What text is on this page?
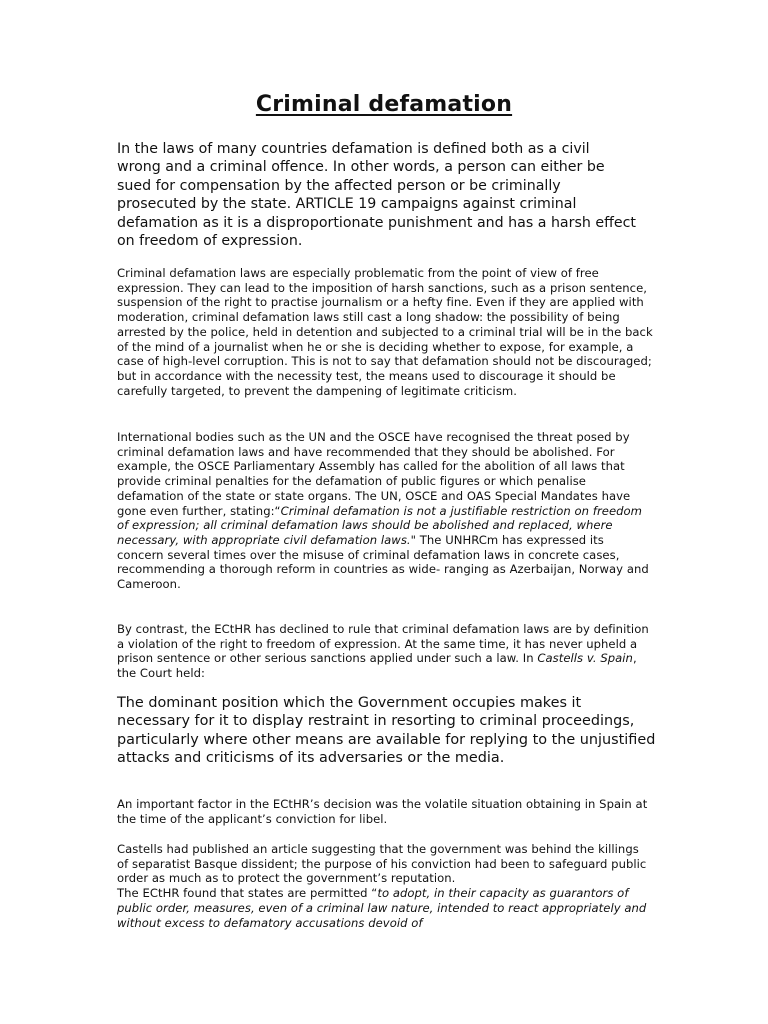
Criminal defamation

In the laws of many countries defamation is defined both as a civil wrong and a criminal offence. In other words, a person can either be sued for compensation by the affected person or be criminally prosecuted by the state. ARTICLE 19 campaigns against criminal defamation as it is a disproportionate punishment and has a harsh effect on freedom of expression.

Criminal defamation laws are especially problematic from the point of view of free expression. They can lead to the imposition of harsh sanctions, such as a prison sentence, suspension of the right to practise journalism or a hefty fine. Even if they are applied with moderation, criminal defamation laws still cast a long shadow: the possibility of being arrested by the police, held in detention and subjected to a criminal trial will be in the back of the mind of a journalist when he or she is deciding whether to expose, for example, a case of high-level corruption. This is not to say that defamation should not be discouraged; but in accordance with the necessity test, the means used to discourage it should be carefully targeted, to prevent the dampening of legitimate criticism.

International bodies such as the UN and the OSCE have recognised the threat posed by criminal defamation laws and have recommended that they should be abolished. For example, the OSCE Parliamentary Assembly has called for the abolition of all laws that provide criminal penalties for the defamation of public figures or which penalise defamation of the state or state organs. The UN, OSCE and OAS Special Mandates have gone even further, stating:“Criminal defamation is not a justifiable restriction on freedom of expression; all criminal defamation laws should be abolished and replaced, where necessary, with appropriate civil defamation laws." The UNHRCm has expressed its concern several times over the misuse of criminal defamation laws in concrete cases, recommending a thorough reform in countries as wide- ranging as Azerbaijan, Norway and Cameroon.

By contrast, the ECtHR has declined to rule that criminal defamation laws are by definition a violation of the right to freedom of expression. At the same time, it has never upheld a prison sentence or other serious sanctions applied under such a law. In Castells v. Spain, the Court held:

The dominant position which the Government occupies makes it necessary for it to display restraint in resorting to criminal proceedings, particularly where other means are available for replying to the unjustified attacks and criticisms of its adversaries or the media.

An important factor in the ECtHR’s decision was the volatile situation obtaining in Spain at the time of the applicant’s conviction for libel.

Castells had published an article suggesting that the government was behind the killings of separatist Basque dissident; the purpose of his conviction had been to safeguard public order as much as to protect the government’s reputation.
The ECtHR found that states are permitted “to adopt, in their capacity as guarantors of public order, measures, even of a criminal law nature, intended to react appropriately and without excess to defamatory accusations devoid of
